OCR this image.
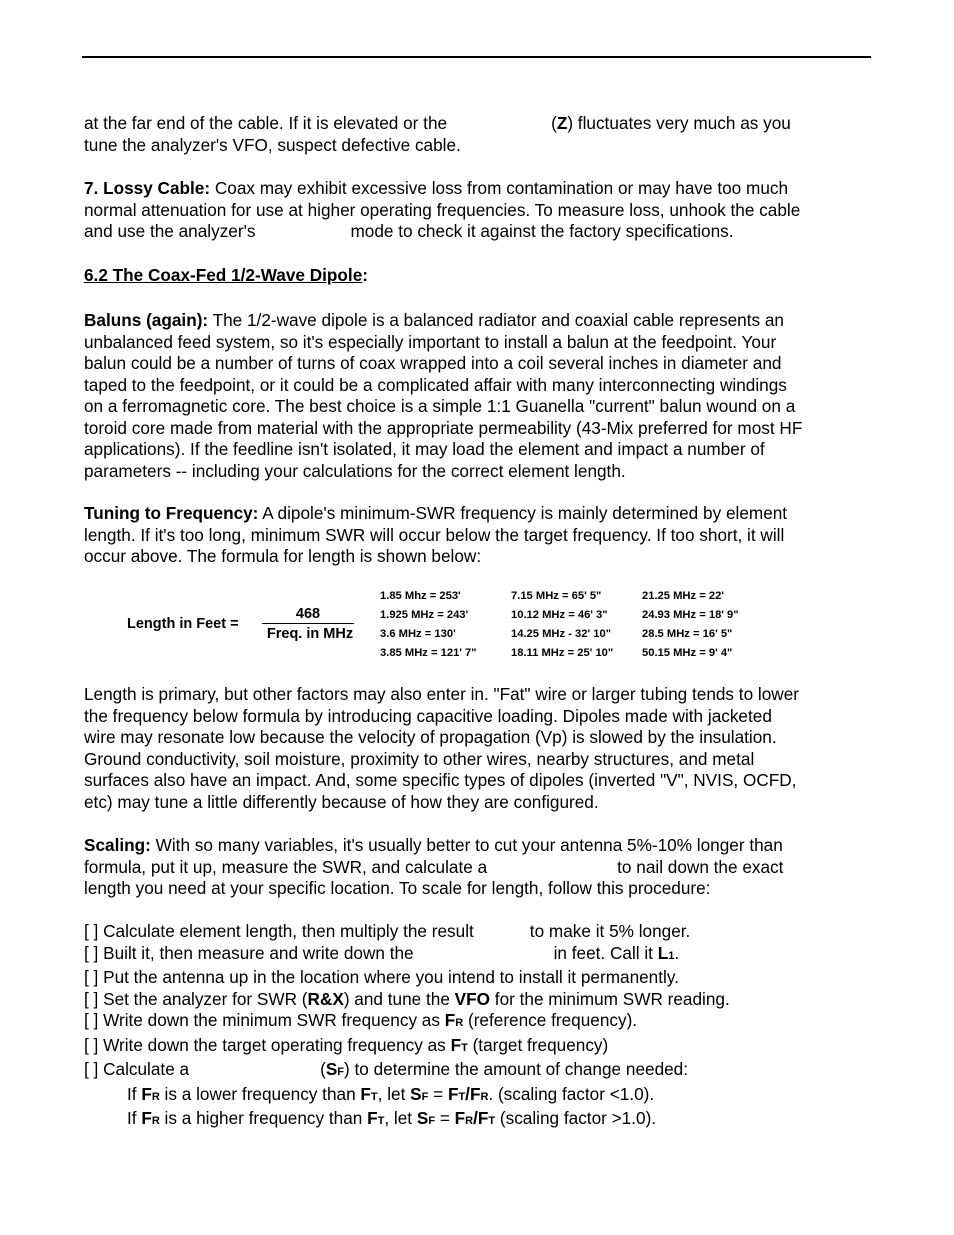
at the far end of the cable. If it is elevated or the	(Z) fluctuates very much as you
tune the analyzer's VFO, suspect defective cable.
7. Lossy Cable: Coax may exhibit excessive loss from contamination or may have too much
normal attenuation for use at higher operating frequencies. To measure loss, unhook the cable
and use the analyzer's	mode to check it against the factory specifications.
6.2 The Coax-Fed 1/2-Wave Dipole:
Baluns (again): The 1/2-wave dipole is a balanced radiator and coaxial cable represents an
unbalanced feed system, so it's especially important to install a balun at the feedpoint. Your
balun could be a number of turns of coax wrapped into a coil several inches in diameter and
taped to the feedpoint, or it could be a complicated affair with many interconnecting windings
on a ferromagnetic core. The best choice is a simple 1:1 Guanella "current" balun wound on a
toroid core made from material with the appropriate permeability (43-Mix preferred for most HF
applications). If the feedline isn't isolated, it may load the element and impact a number of
parameters -- including your calculations for the correct element length.
Tuning to Frequency: A dipole's minimum-SWR frequency is mainly determined by element
length. If it's too long, minimum SWR will occur below the target frequency. If too short, it will
occur above. The formula for length is shown below:
Length in Feet =
468
Freq. in MHz
1.85 Mhz = 253'	7.15 MHz = 65' 5"	21.25 MHz = 22'
1.925 MHz = 243'	10.12 MHz = 46' 3"	24.93 MHz = 18' 9"
3.6 MHz = 130'	14.25 MHz - 32' 10"	28.5 MHz = 16' 5"
3.85 MHz = 121' 7"	18.11 MHz = 25' 10"	50.15 MHz = 9' 4"
Length is primary, but other factors may also enter in. "Fat" wire or larger tubing tends to lower
the frequency below formula by introducing capacitive loading. Dipoles made with jacketed
wire may resonate low because the velocity of propagation (Vp) is slowed by the insulation.
Ground conductivity, soil moisture, proximity to other wires, nearby structures, and metal
surfaces also have an impact. And, some specific types of dipoles (inverted "V", NVIS, OCFD,
etc) may tune a little differently because of how they are configured.
Scaling: With so many variables, it's usually better to cut your antenna 5%-10% longer than
formula, put it up, measure the SWR, and calculate a	to nail down the exact
length you need at your specific location. To scale for length, follow this procedure:
[ ] Calculate element length, then multiply the result	to make it 5% longer.
[ ] Built it, then measure and write down the	in feet. Call it L1.
[ ] Put the antenna up in the location where you intend to install it permanently.
[ ] Set the analyzer for SWR (R&X) and tune the VFO for the minimum SWR reading.
[ ] Write down the minimum SWR frequency as FR (reference frequency).
[ ] Write down the target operating frequency as FT (target frequency)
[ ] Calculate a	(SF) to determine the amount of change needed:
If FR is a lower frequency than FT, let SF = FT/FR. (scaling factor <1.0).
If FR is a higher frequency than FT, let SF = FR/FT (scaling factor >1.0).
